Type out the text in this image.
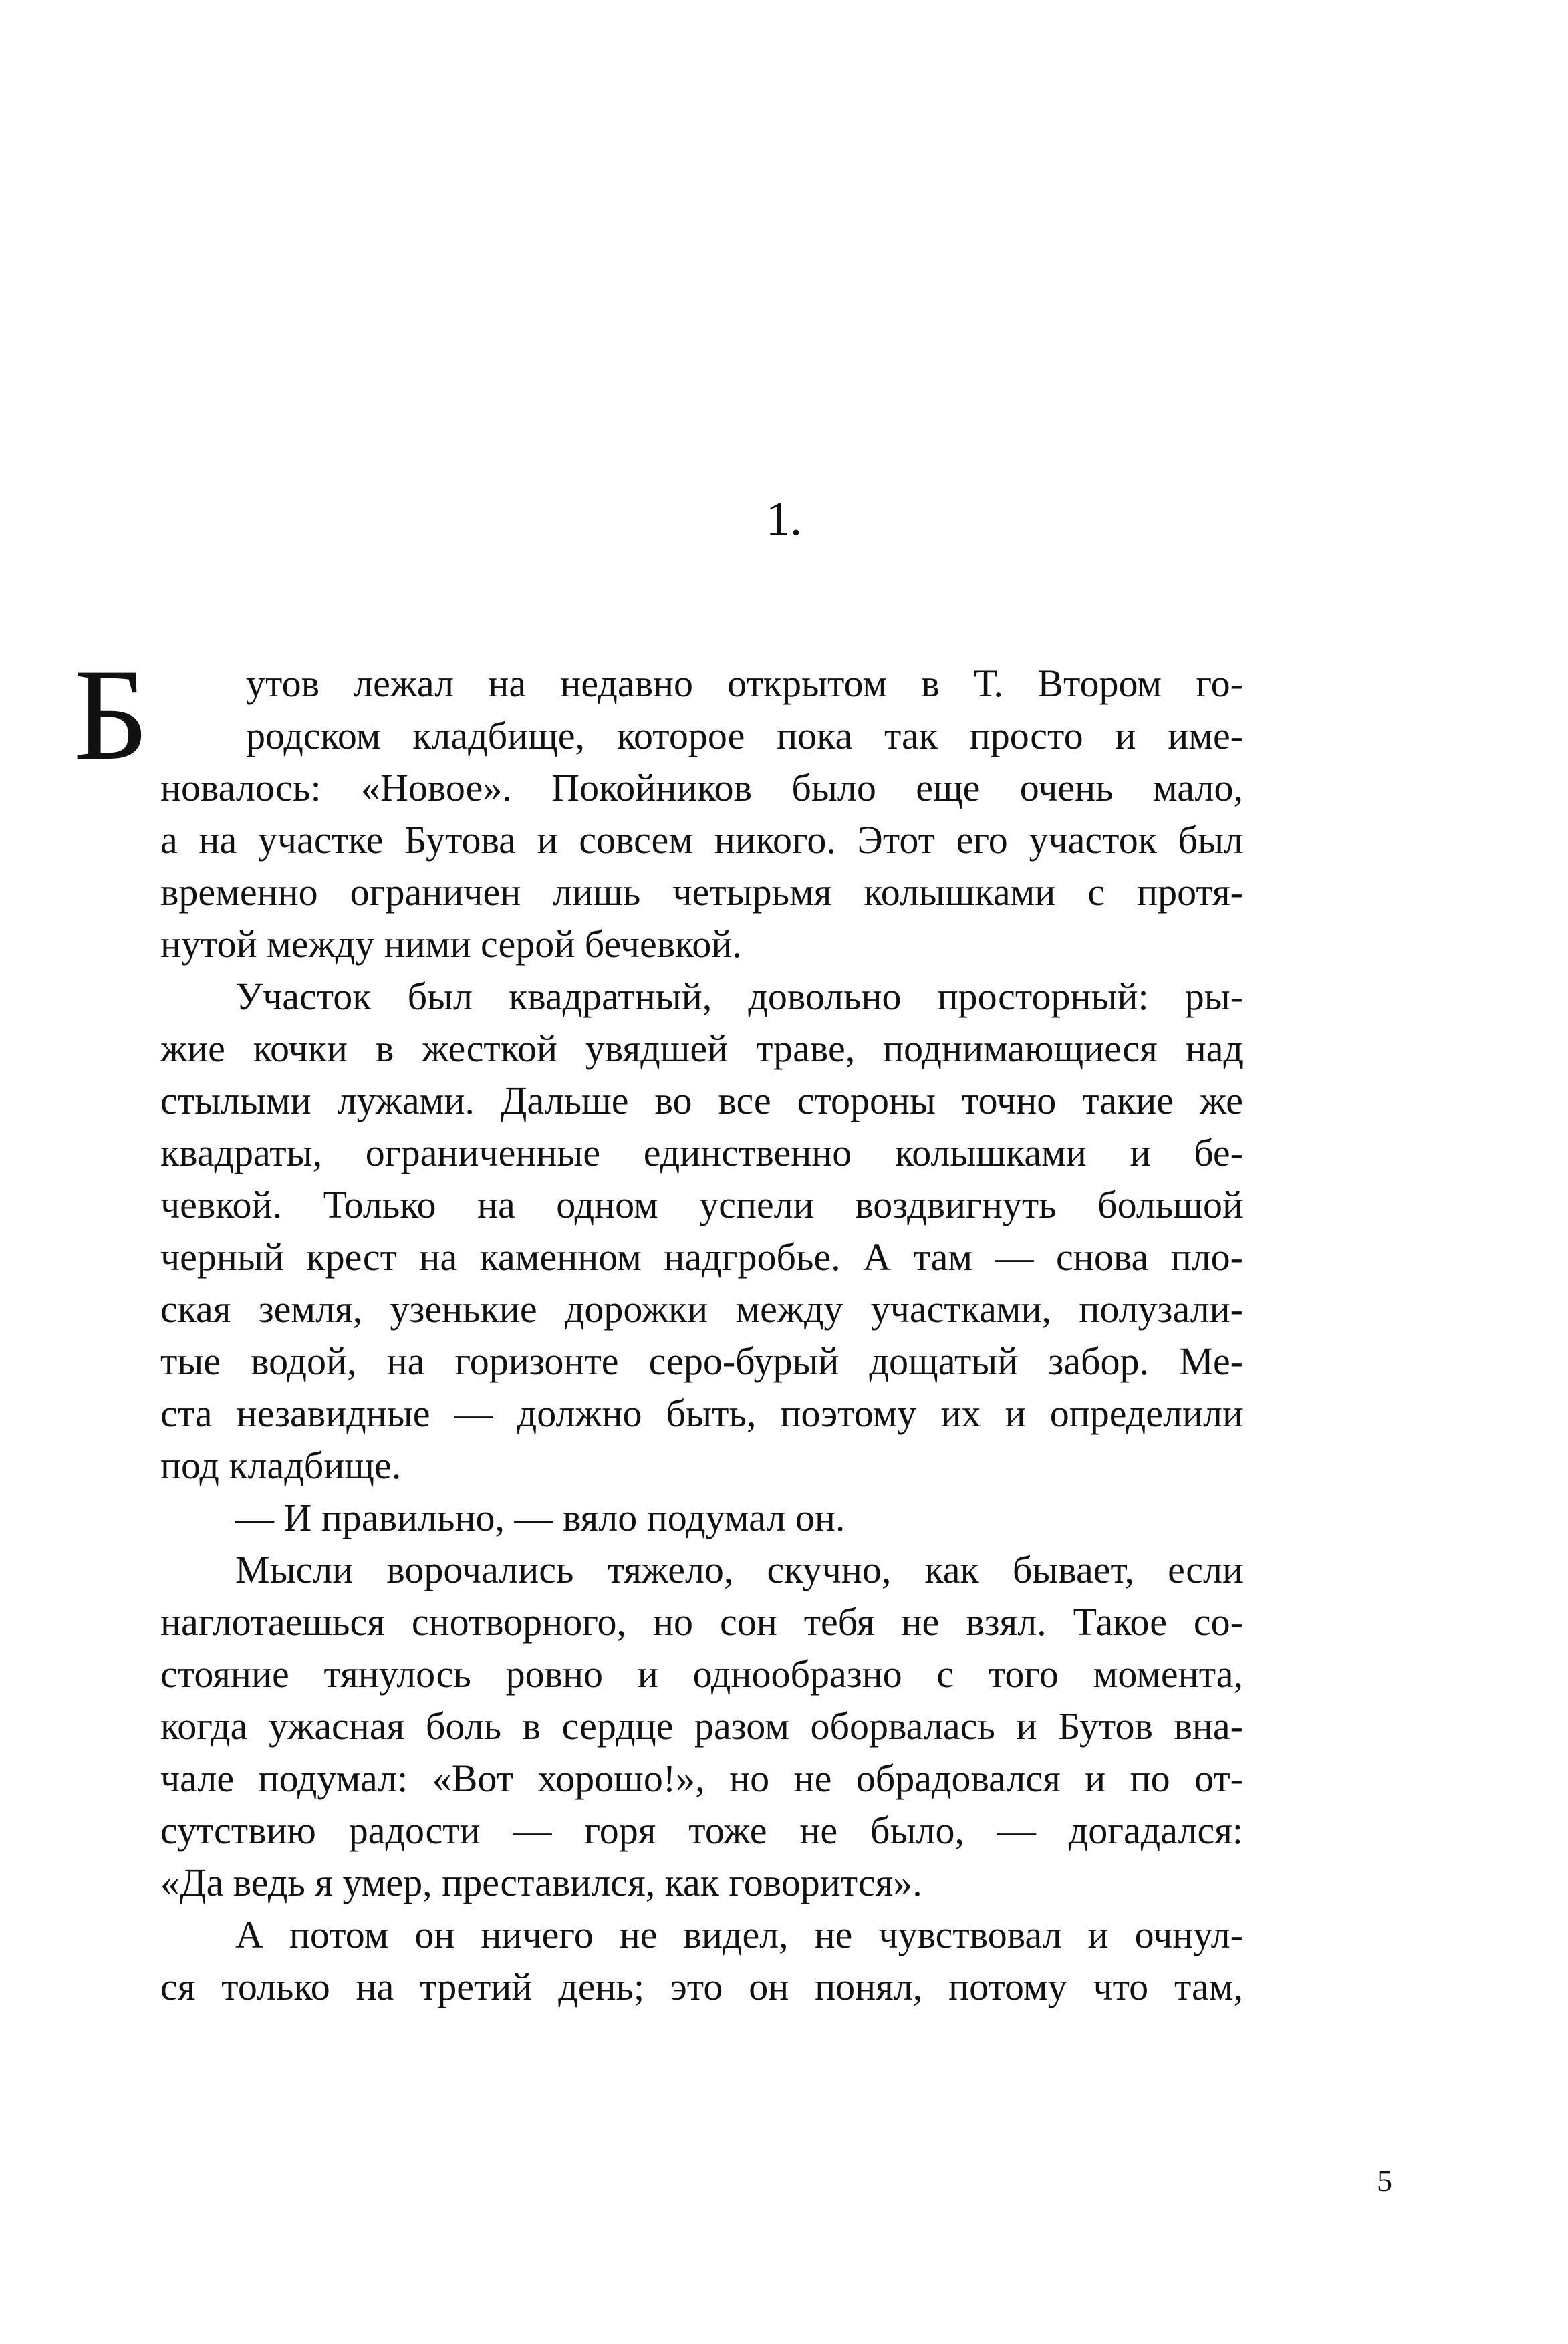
1.
Б	утов лежал на недавно открытом в Т. Втором го-
родском кладбище, которое пока так просто и име-
новалось: «Новое». Покойников было еще очень мало,
а на участке Бутова и совсем никого. Этот его участок был
временно ограничен лишь четырьмя колышками с протя-
нутой между ними серой бечевкой.
Участок был квадратный, довольно просторный: ры-
жие кочки в жесткой увядшей траве, поднимающиеся над
стылыми лужами. Дальше во все стороны точно такие же
квадраты, ограниченные единственно колышками и бе-
чевкой. Только на одном успели воздвигнуть большой
черный крест на каменном надгробье. А там — снова пло-
ская земля, узенькие дорожки между участками, полузали-
тые водой, на горизонте серо-бурый дощатый забор. Ме-
ста незавидные — должно быть, поэтому их и определили
под кладбище.
— И правильно, — вяло подумал он.
Мысли ворочались тяжело, скучно, как бывает, если
наглотаешься снотворного, но сон тебя не взял. Такое со-
стояние тянулось ровно и однообразно с того момента,
когда ужасная боль в сердце разом оборвалась и Бутов вна-
чале подумал: «Вот хорошо!», но не обрадовался и по от-
сутствию радости — горя тоже не было, — догадался:
«Да ведь я умер, преставился, как говорится».
А потом он ничего не видел, не чувствовал и очнул-
ся только на третий день; это он понял, потому что там,
5
